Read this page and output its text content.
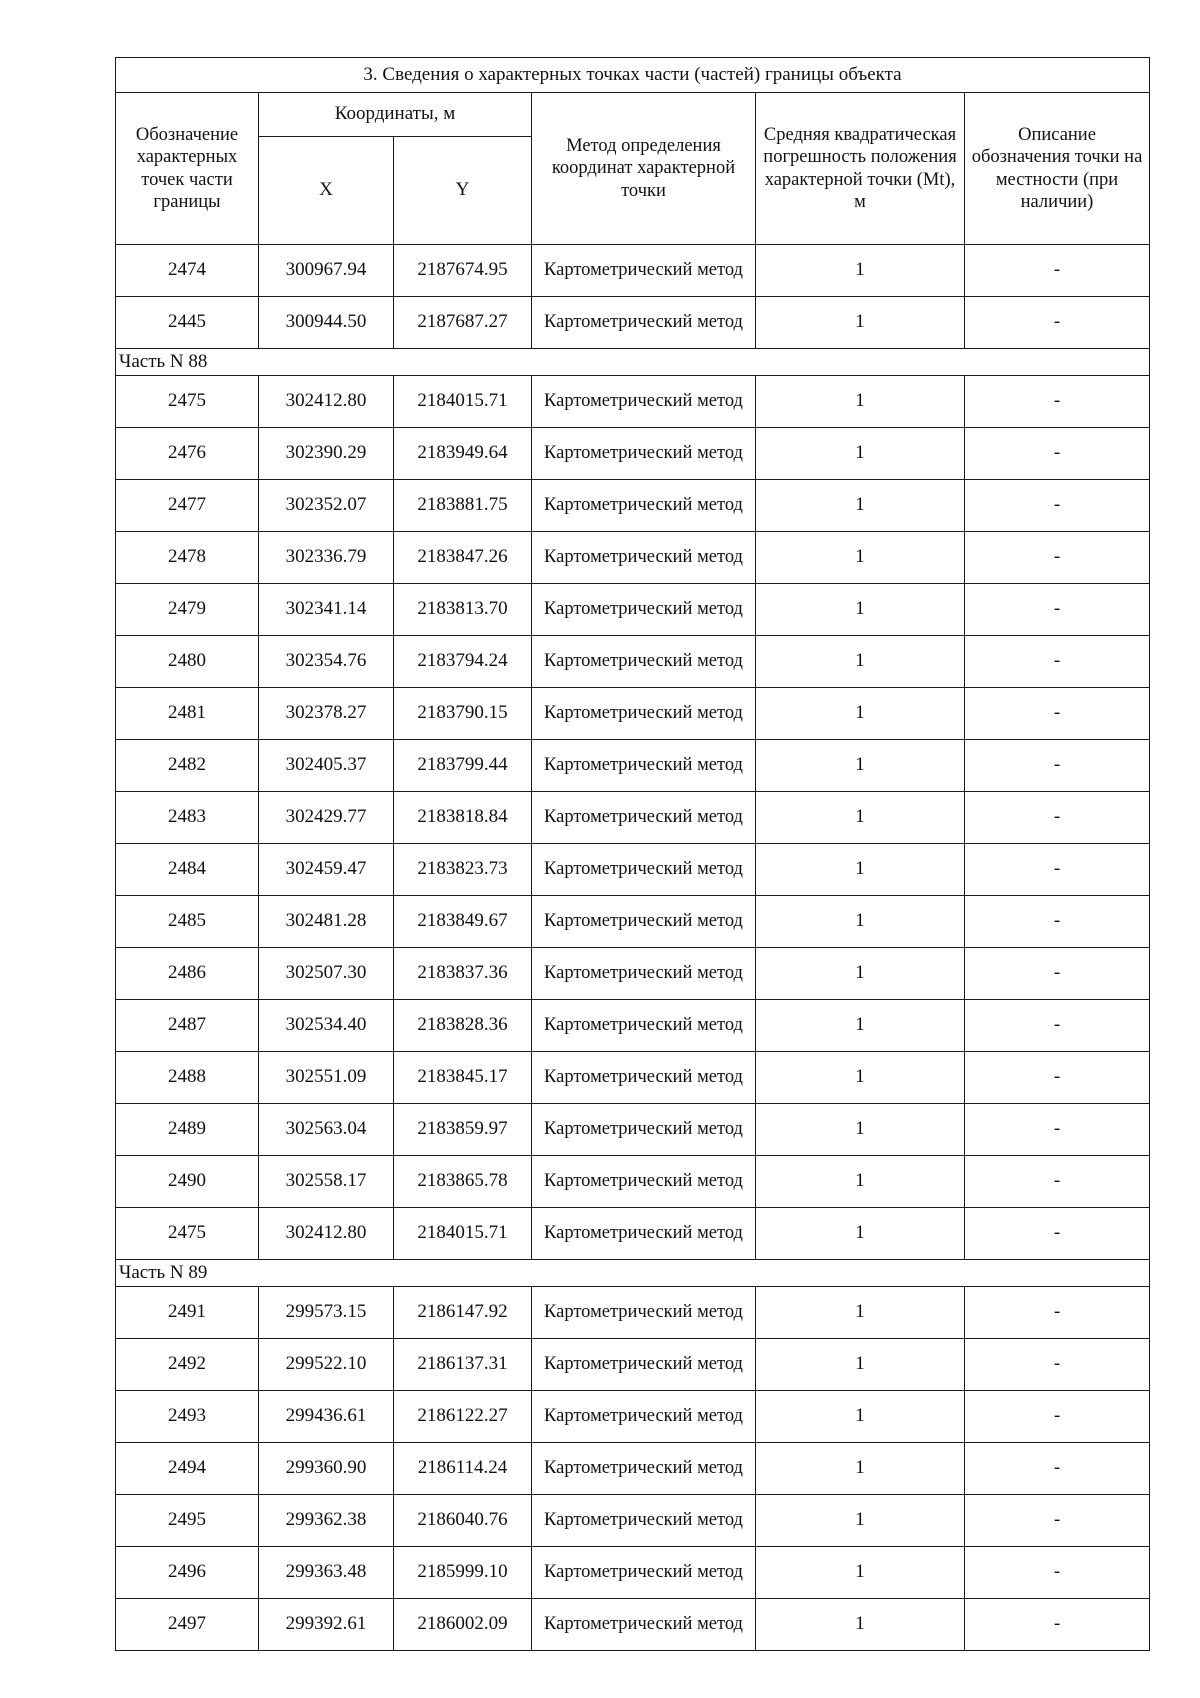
3. Сведения о характерных точках части (частей) границы объекта					
Обозначение характерных точек части границы	Координаты, м		Метод определения координат характерной точки	Средняя квадратическая погрешность положения характерной точки (Mt), м	Описание обозначения точки на местности (при наличии)
	X	Y			
2474	300967.94	2187674.95	Картометрический метод	1	-
2445	300944.50	2187687.27	Картометрический метод	1	-
Часть N 88					
2475	302412.80	2184015.71	Картометрический метод	1	-
2476	302390.29	2183949.64	Картометрический метод	1	-
2477	302352.07	2183881.75	Картометрический метод	1	-
2478	302336.79	2183847.26	Картометрический метод	1	-
2479	302341.14	2183813.70	Картометрический метод	1	-
2480	302354.76	2183794.24	Картометрический метод	1	-
2481	302378.27	2183790.15	Картометрический метод	1	-
2482	302405.37	2183799.44	Картометрический метод	1	-
2483	302429.77	2183818.84	Картометрический метод	1	-
2484	302459.47	2183823.73	Картометрический метод	1	-
2485	302481.28	2183849.67	Картометрический метод	1	-
2486	302507.30	2183837.36	Картометрический метод	1	-
2487	302534.40	2183828.36	Картометрический метод	1	-
2488	302551.09	2183845.17	Картометрический метод	1	-
2489	302563.04	2183859.97	Картометрический метод	1	-
2490	302558.17	2183865.78	Картометрический метод	1	-
2475	302412.80	2184015.71	Картометрический метод	1	-
Часть N 89					
2491	299573.15	2186147.92	Картометрический метод	1	-
2492	299522.10	2186137.31	Картометрический метод	1	-
2493	299436.61	2186122.27	Картометрический метод	1	-
2494	299360.90	2186114.24	Картометрический метод	1	-
2495	299362.38	2186040.76	Картометрический метод	1	-
2496	299363.48	2185999.10	Картометрический метод	1	-
2497	299392.61	2186002.09	Картометрический метод	1	-
